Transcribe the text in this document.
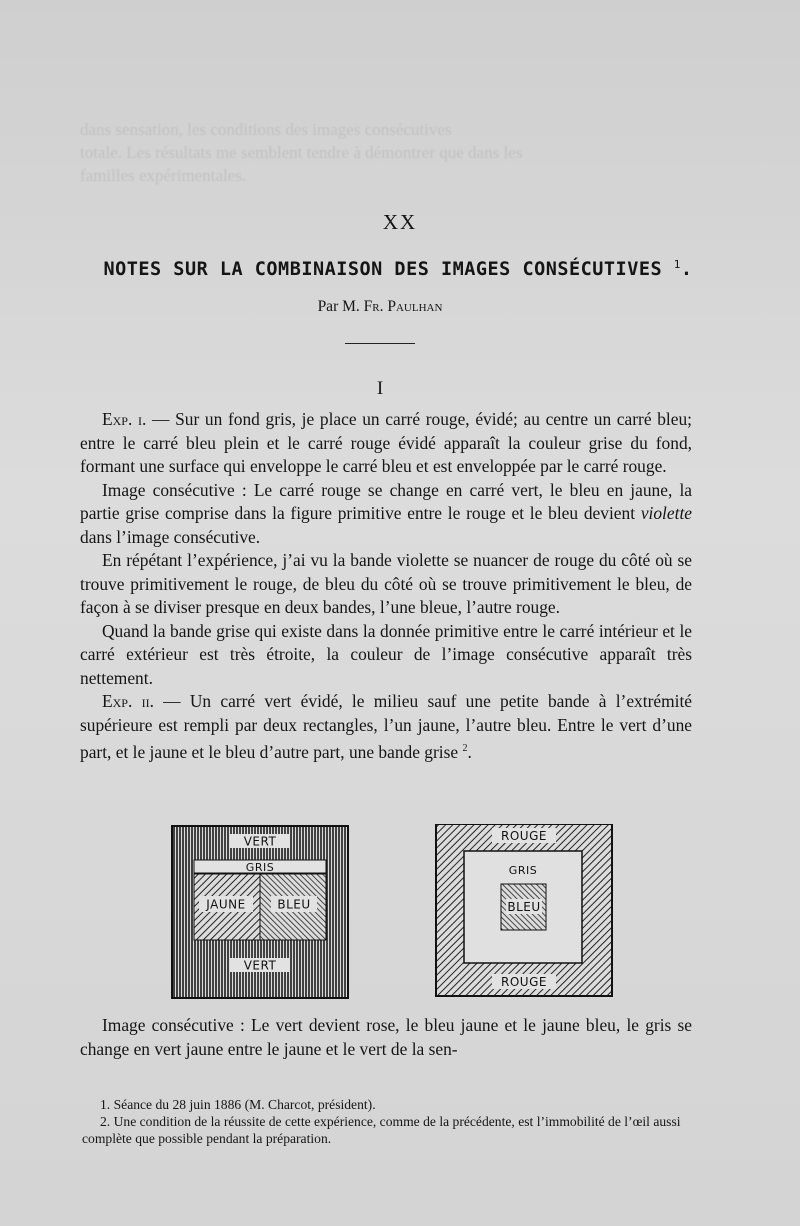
dans sensation, les conditions des images consécutives
totale. Les résultats me semblent tendre à démontrer que dans les
familles expérimentales.
XX
NOTES SUR LA COMBINAISON DES IMAGES CONSÉCUTIVES $^1$.
Par M. Fr. Paulhan
I

Exp. i. — Sur un fond gris, je place un carré rouge, évidé; au centre un carré bleu; entre le carré bleu plein et le carré rouge évidé apparaît la couleur grise du fond, formant une surface qui enveloppe le carré bleu et est enveloppée par le carré rouge.

Image consécutive : Le carré rouge se change en carré vert, le bleu en jaune, la partie grise comprise dans la figure primitive entre le rouge et le bleu devient violette dans l’image consécutive.

En répétant l’expérience, j’ai vu la bande violette se nuancer de rouge du côté où se trouve primitivement le rouge, de bleu du côté où se trouve primitivement le bleu, de façon à se diviser presque en deux bandes, l’une bleue, l’autre rouge.

Quand la bande grise qui existe dans la donnée primitive entre le carré intérieur et le carré extérieur est très étroite, la couleur de l’image consécutive apparaît très nettement.

Exp. ii. — Un carré vert évidé, le milieu sauf une petite bande à l’extrémité supérieure est rempli par deux rectangles, l’un jaune, l’autre bleu. Entre le vert d’une part, et le jaune et le bleu d’autre part, une bande grise $^2$.

VERT
GRIS
JAUNE	BLEU
VERT
ROUGE
GRIS
BLEU
ROUGE

Image consécutive : Le vert devient rose, le bleu jaune et le jaune bleu, le gris se change en vert jaune entre le jaune et le vert de la sen-

1. Séance du 28 juin 1886 (M. Charcot, président).

2. Une condition de la réussite de cette expérience, comme de la précédente, est l’immobilité de l’œil aussi complète que possible pendant la préparation.
